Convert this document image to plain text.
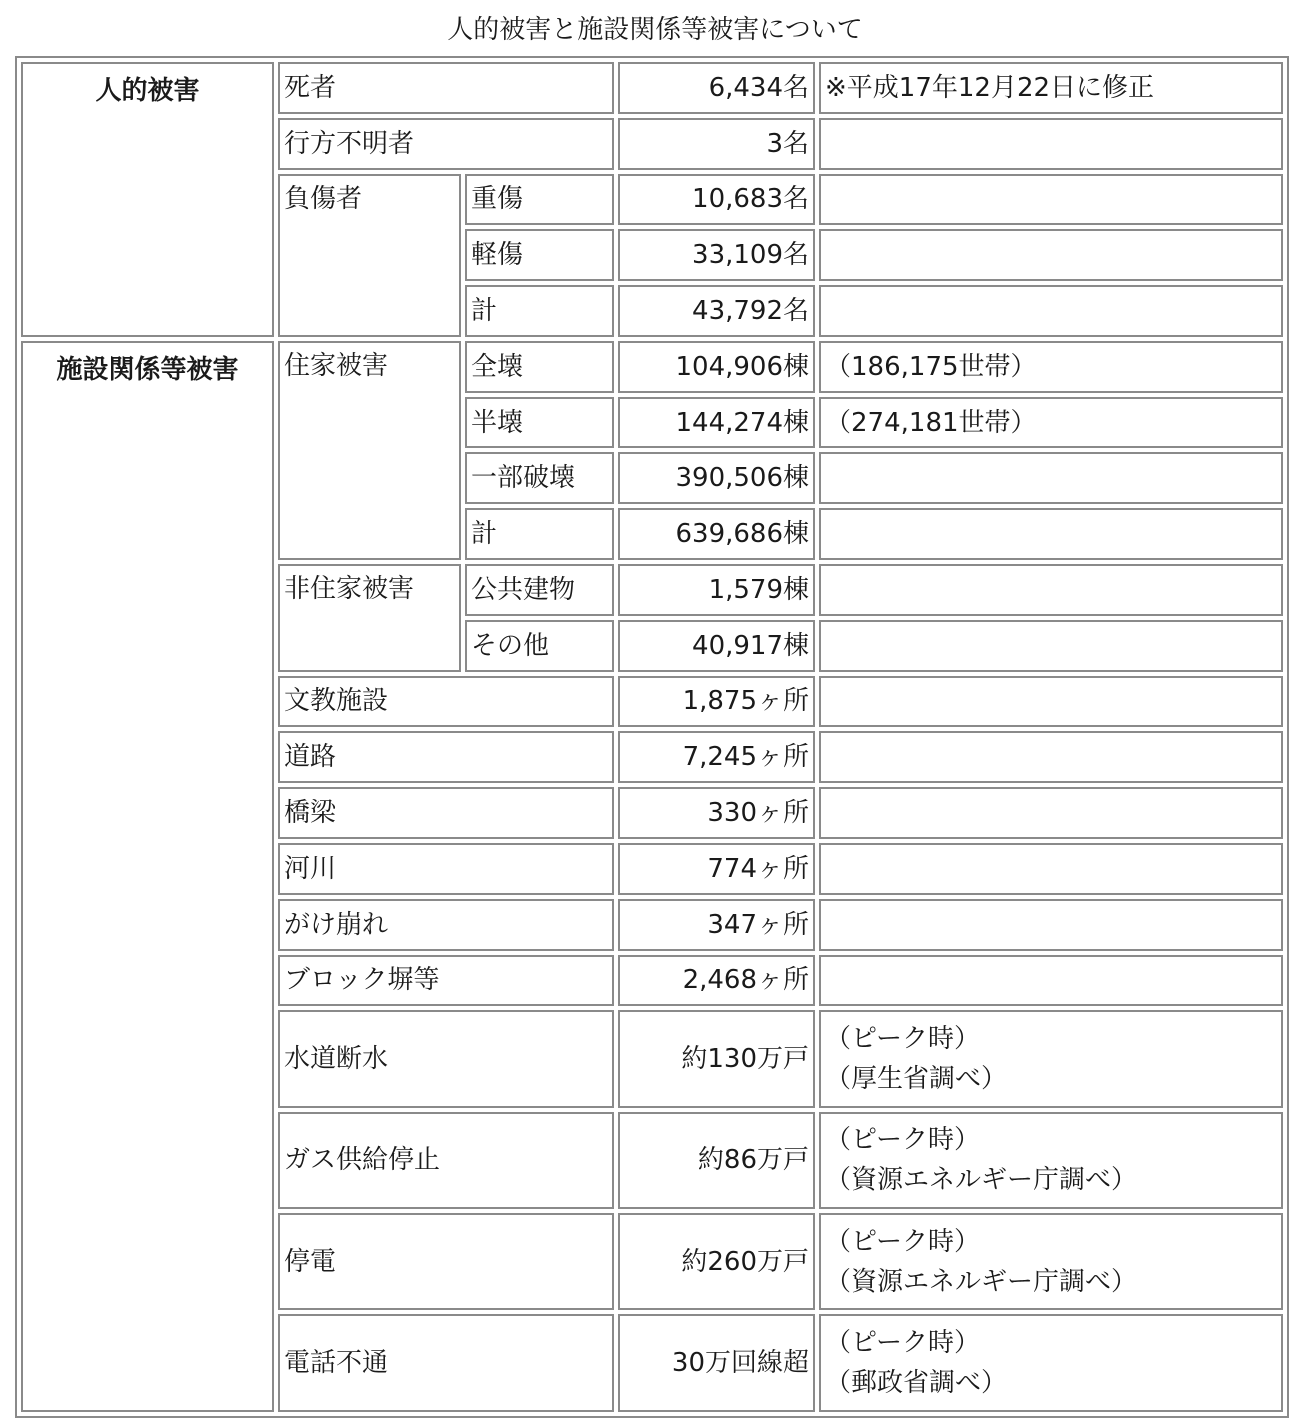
人的被害と施設関係等被害について
人的被害	死者		6,434名	※平成17年12月22日に修正
	行方不明者		3名	
	負傷者	重傷	10,683名	
		軽傷	33,109名	
		計	43,792名	
施設関係等被害	住家被害	全壊	104,906棟	（186,175世帯）
		半壊	144,274棟	（274,181世帯）
		一部破壊	390,506棟	
		計	639,686棟	
	非住家被害	公共建物	1,579棟	
		その他	40,917棟	
	文教施設		1,875ヶ所	
	道路		7,245ヶ所	
	橋梁		330ヶ所	
	河川		774ヶ所	
	がけ崩れ		347ヶ所	
	ブロック塀等		2,468ヶ所	
	水道断水		約130万戸	（ピーク時）
（厚生省調べ）

	ガス供給停止		約86万戸	（ピーク時）
（資源エネルギー庁調べ）

	停電		約260万戸	（ピーク時）
（資源エネルギー庁調べ）

	電話不通		30万回線超	（ピーク時）
（郵政省調べ）
